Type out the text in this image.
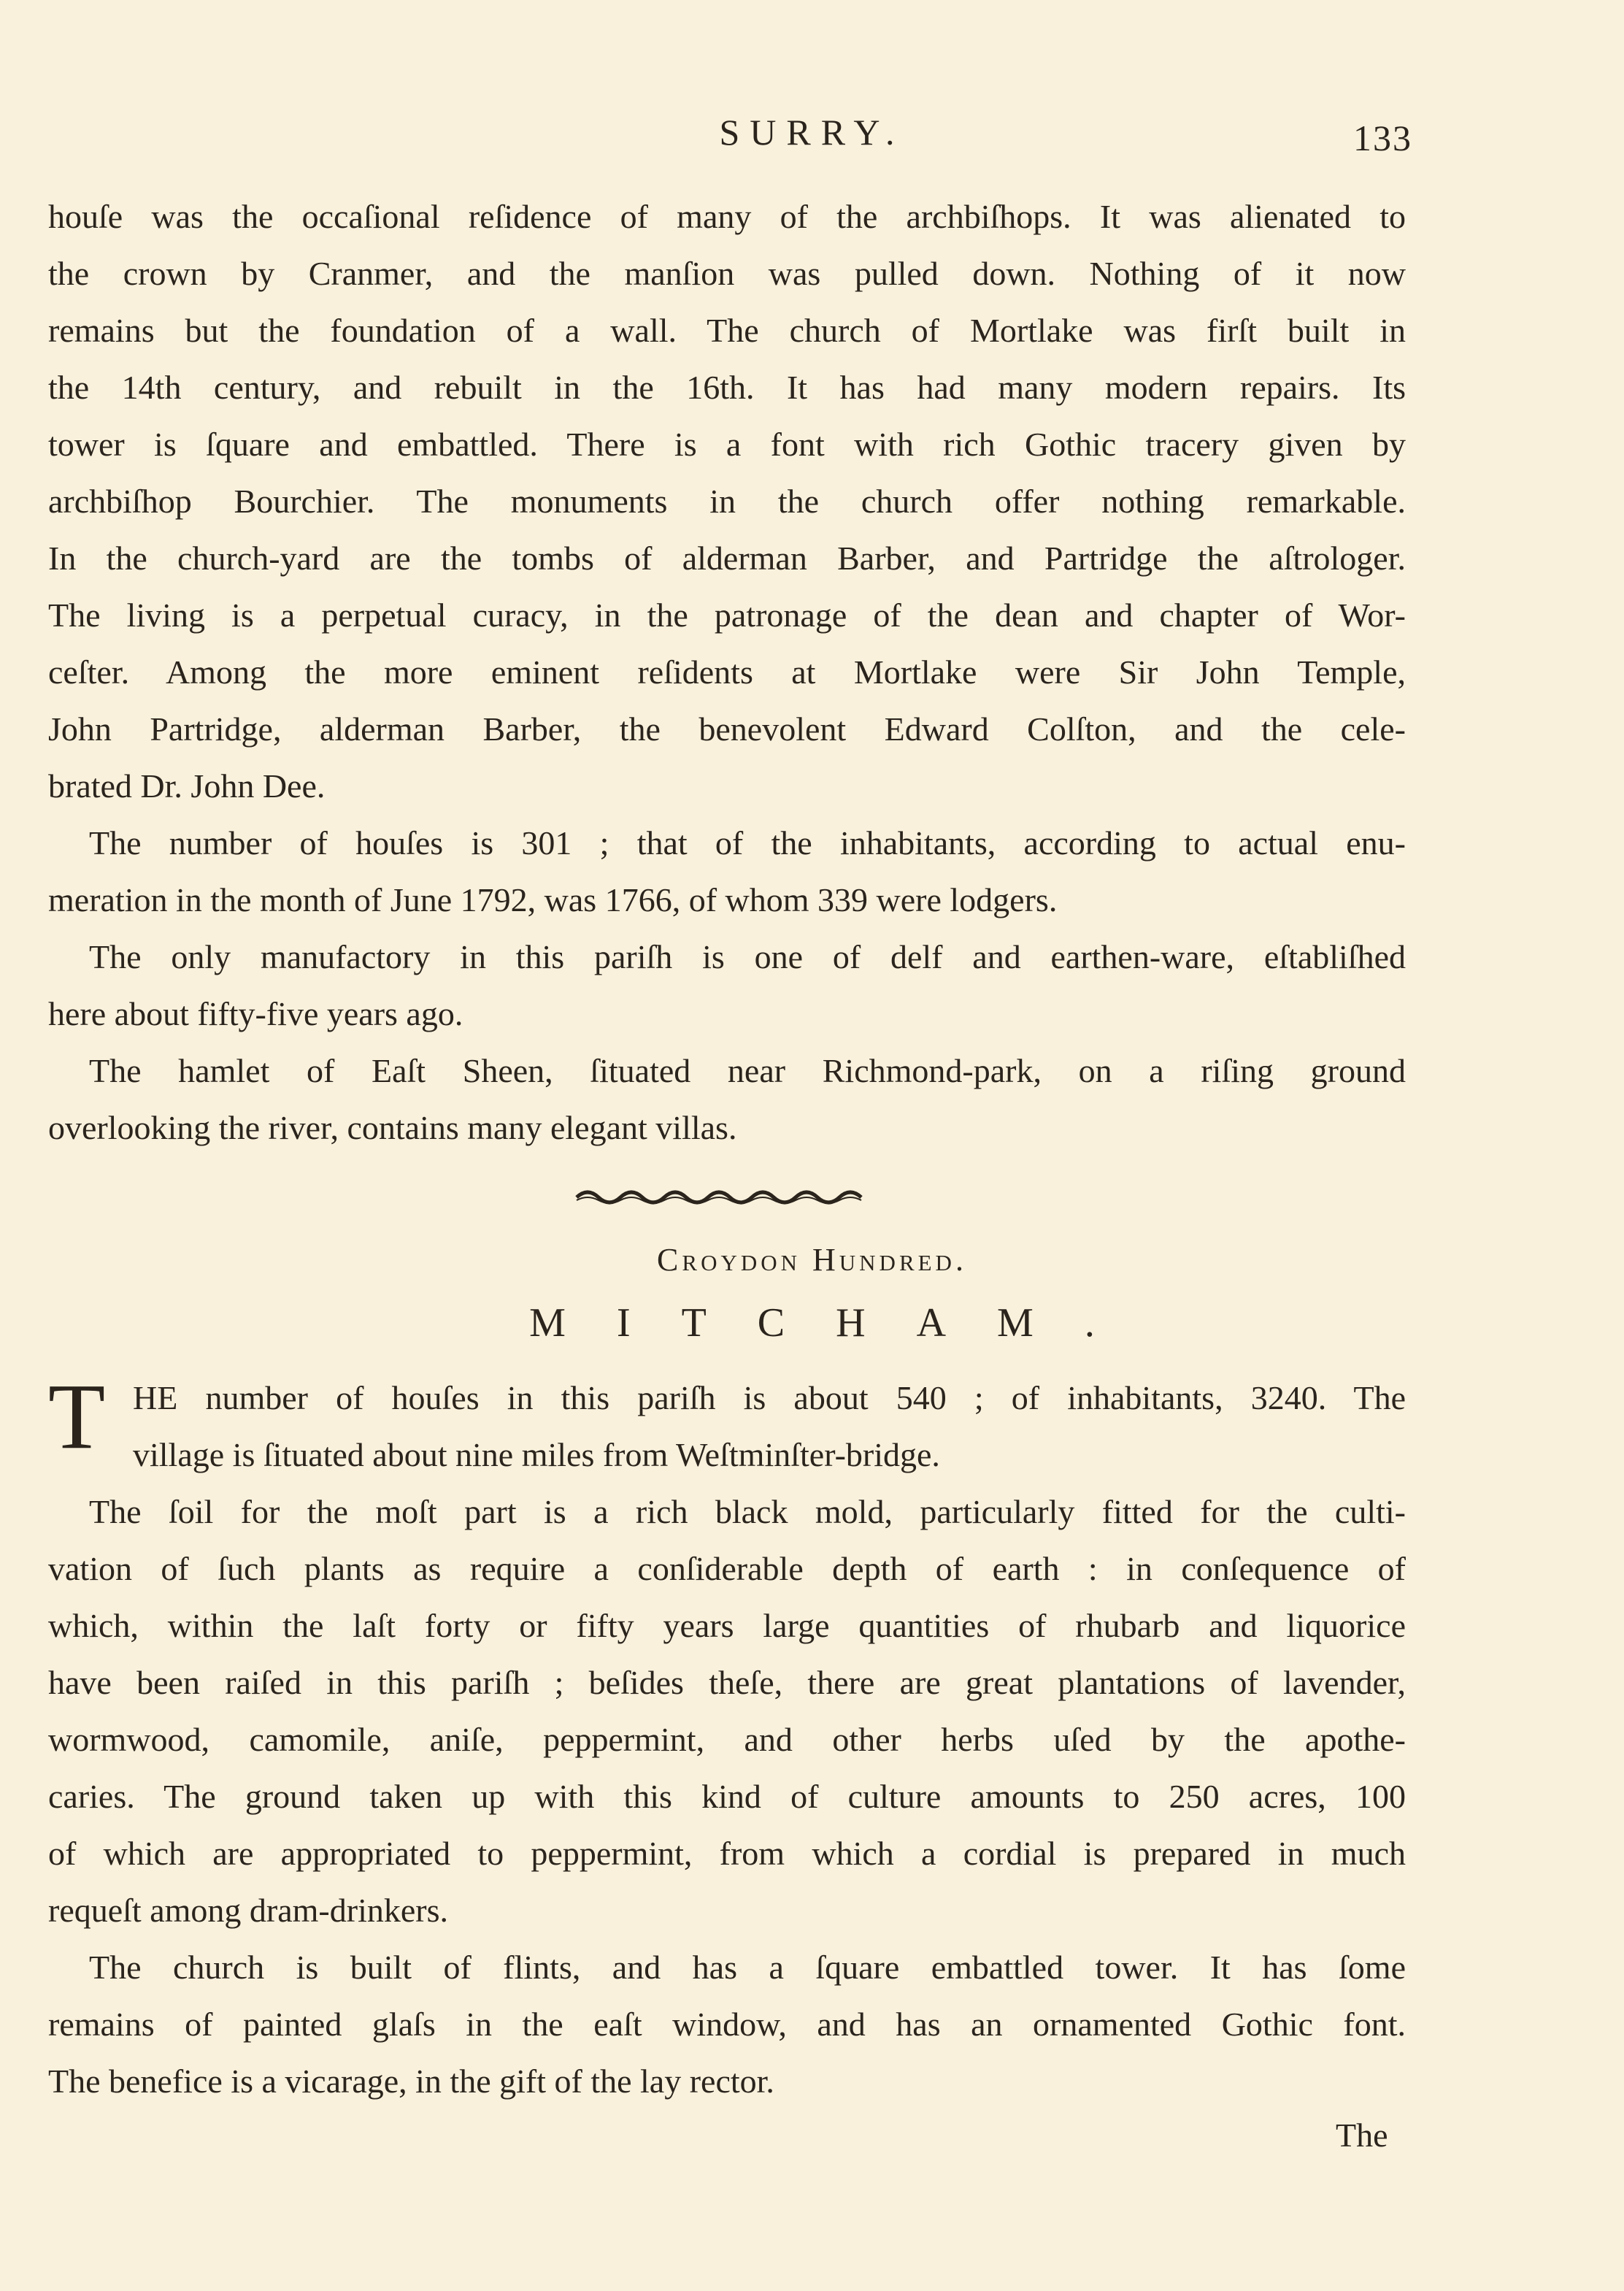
SURRY.	133
houſe was the occaſional reſidence of many of the archbiſhops. It was alienated to
the crown by Cranmer, and the manſion was pulled down. Nothing of it now
remains but the foundation of a wall. The church of Mortlake was firſt built in
the 14th century, and rebuilt in the 16th. It has had many modern repairs. Its
tower is ſquare and embattled. There is a font with rich Gothic tracery given by
archbiſhop Bourchier. The monuments in the church offer nothing remarkable.
In the church-yard are the tombs of alderman Barber, and Partridge the aſtrologer.
The living is a perpetual curacy, in the patronage of the dean and chapter of Wor-
ceſter. Among the more eminent reſidents at Mortlake were Sir John Temple,
John Partridge, alderman Barber, the benevolent Edward Colſton, and the cele-
brated Dr. John Dee.
The number of houſes is 301 ; that of the inhabitants, according to actual enu-
meration in the month of June 1792, was 1766, of whom 339 were lodgers.
The only manufactory in this pariſh is one of delf and earthen-ware, eſtabliſhed
here about fifty-five years ago.
The hamlet of Eaſt Sheen, ſituated near Richmond-park, on a riſing ground
overlooking the river, contains many elegant villas.
Croydon Hundred.
MITCHAM.
T HE number of houſes in this pariſh is about 540 ; of inhabitants, 3240. The
village is ſituated about nine miles from Weſtminſter-bridge.
The ſoil for the moſt part is a rich black mold, particularly fitted for the culti-
vation of ſuch plants as require a conſiderable depth of earth : in conſequence of
which, within the laſt forty or fifty years large quantities of rhubarb and liquorice
have been raiſed in this pariſh ; beſides theſe, there are great plantations of lavender,
wormwood, camomile, aniſe, peppermint, and other herbs uſed by the apothe-
caries. The ground taken up with this kind of culture amounts to 250 acres, 100
of which are appropriated to peppermint, from which a cordial is prepared in much
requeſt among dram-drinkers.
The church is built of flints, and has a ſquare embattled tower. It has ſome
remains of painted glaſs in the eaſt window, and has an ornamented Gothic font.
The benefice is a vicarage, in the gift of the lay rector.
The
